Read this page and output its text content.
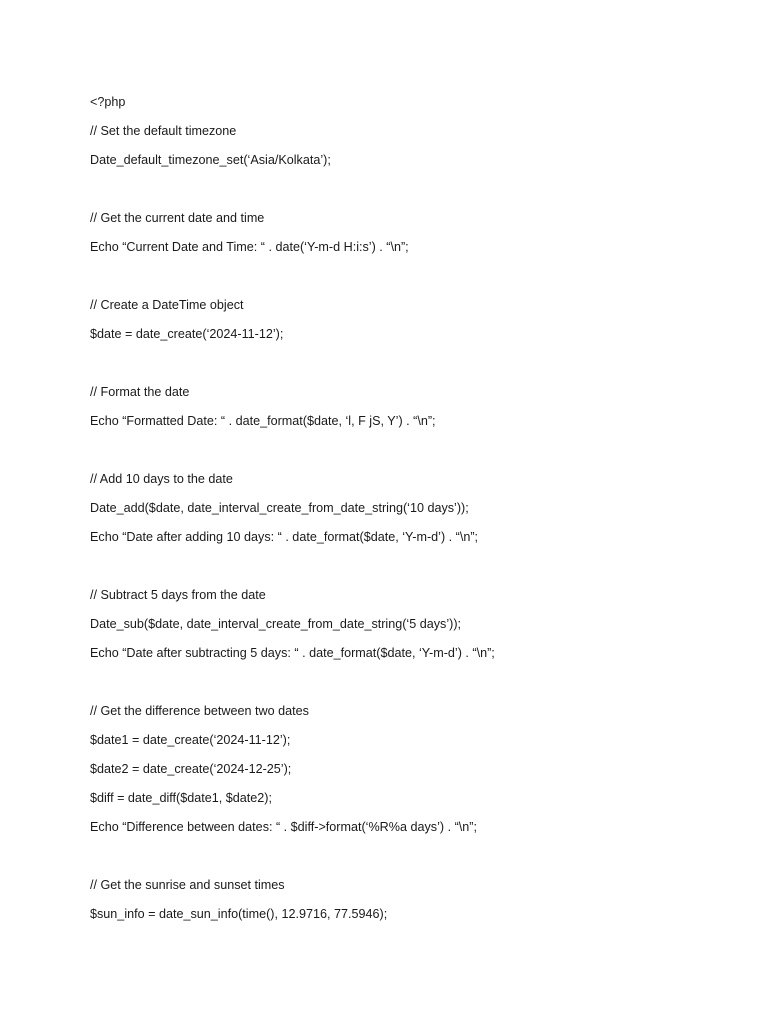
<?php
// Set the default timezone
Date_default_timezone_set(‘Asia/Kolkata’);
// Get the current date and time
Echo “Current Date and Time: “ . date(‘Y-m-d H:i:s’) . “\n”;
// Create a DateTime object
$date = date_create(‘2024-11-12’);
// Format the date
Echo “Formatted Date: “ . date_format($date, ‘l, F jS, Y’) . “\n”;
// Add 10 days to the date
Date_add($date, date_interval_create_from_date_string(‘10 days’));
Echo “Date after adding 10 days: “ . date_format($date, ‘Y-m-d’) . “\n”;
// Subtract 5 days from the date
Date_sub($date, date_interval_create_from_date_string(‘5 days’));
Echo “Date after subtracting 5 days: “ . date_format($date, ‘Y-m-d’) . “\n”;
// Get the difference between two dates
$date1 = date_create(‘2024-11-12’);
$date2 = date_create(‘2024-12-25’);
$diff = date_diff($date1, $date2);
Echo “Difference between dates: “ . $diff->format(‘%R%a days’) . “\n”;
// Get the sunrise and sunset times
$sun_info = date_sun_info(time(), 12.9716, 77.5946);
